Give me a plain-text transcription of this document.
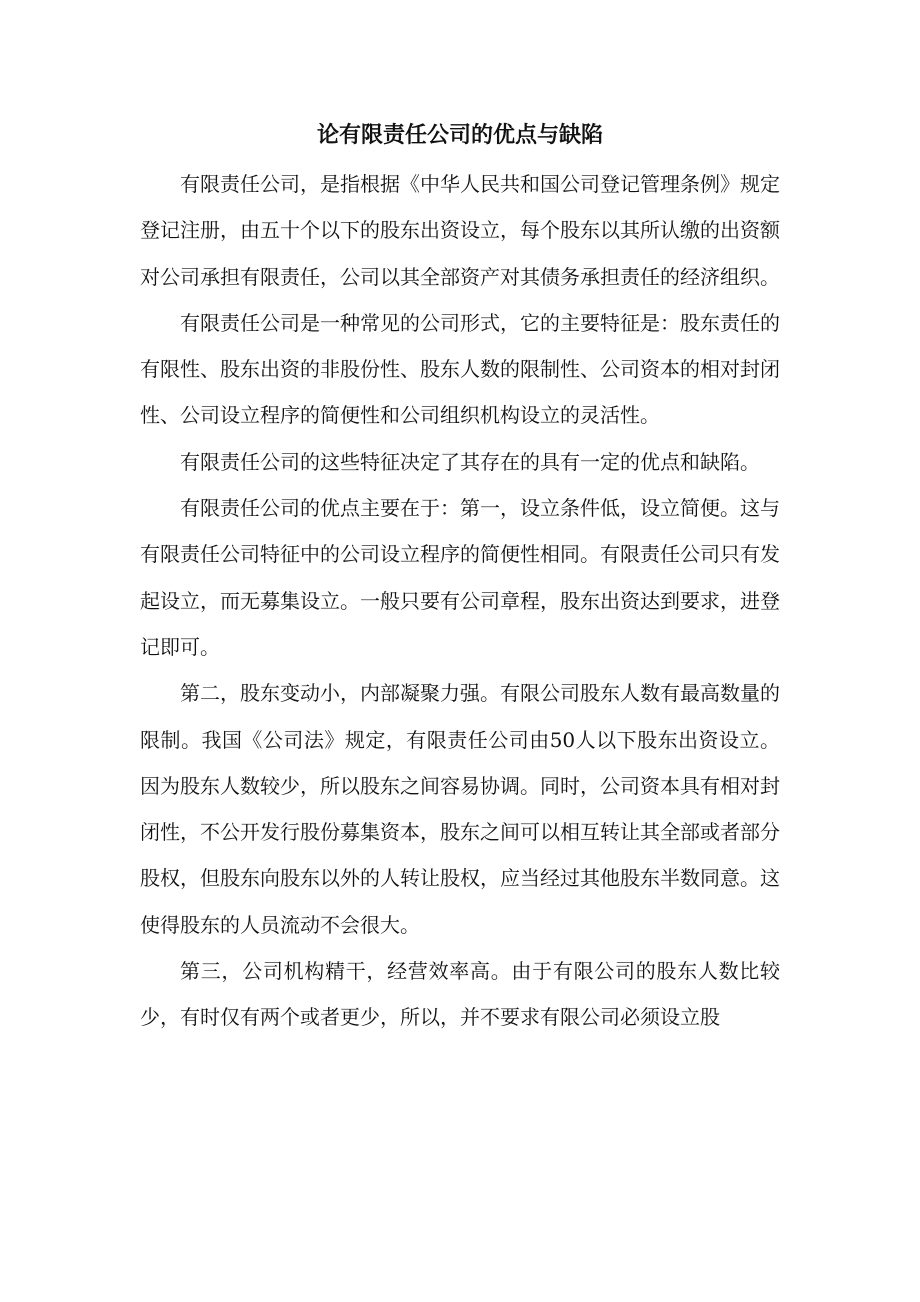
论有限责任公司的优点与缺陷

有限责任公司，是指根据《中华人民共和国公司登记管理条例》规定登记注册，由五十个以下的股东出资设立，每个股东以其所认缴的出资额对公司承担有限责任，公司以其全部资产对其债务承担责任的经济组织。

有限责任公司是一种常见的公司形式，它的主要特征是：股东责任的有限性、股东出资的非股份性、股东人数的限制性、公司资本的相对封闭性、公司设立程序的简便性和公司组织机构设立的灵活性。

有限责任公司的这些特征决定了其存在的具有一定的优点和缺陷。

有限责任公司的优点主要在于：第一，设立条件低，设立简便。这与有限责任公司特征中的公司设立程序的简便性相同。有限责任公司只有发起设立，而无募集设立。一般只要有公司章程，股东出资达到要求，进登记即可。

第二，股东变动小，内部凝聚力强。有限公司股东人数有最高数量的限制。我国《公司法》规定，有限责任公司由50人以下股东出资设立。因为股东人数较少，所以股东之间容易协调。同时，公司资本具有相对封闭性，不公开发行股份募集资本，股东之间可以相互转让其全部或者部分股权，但股东向股东以外的人转让股权，应当经过其他股东半数同意。这使得股东的人员流动不会很大。

第三，公司机构精干，经营效率高。由于有限公司的股东人数比较少，有时仅有两个或者更少，所以，并不要求有限公司必须设立股
